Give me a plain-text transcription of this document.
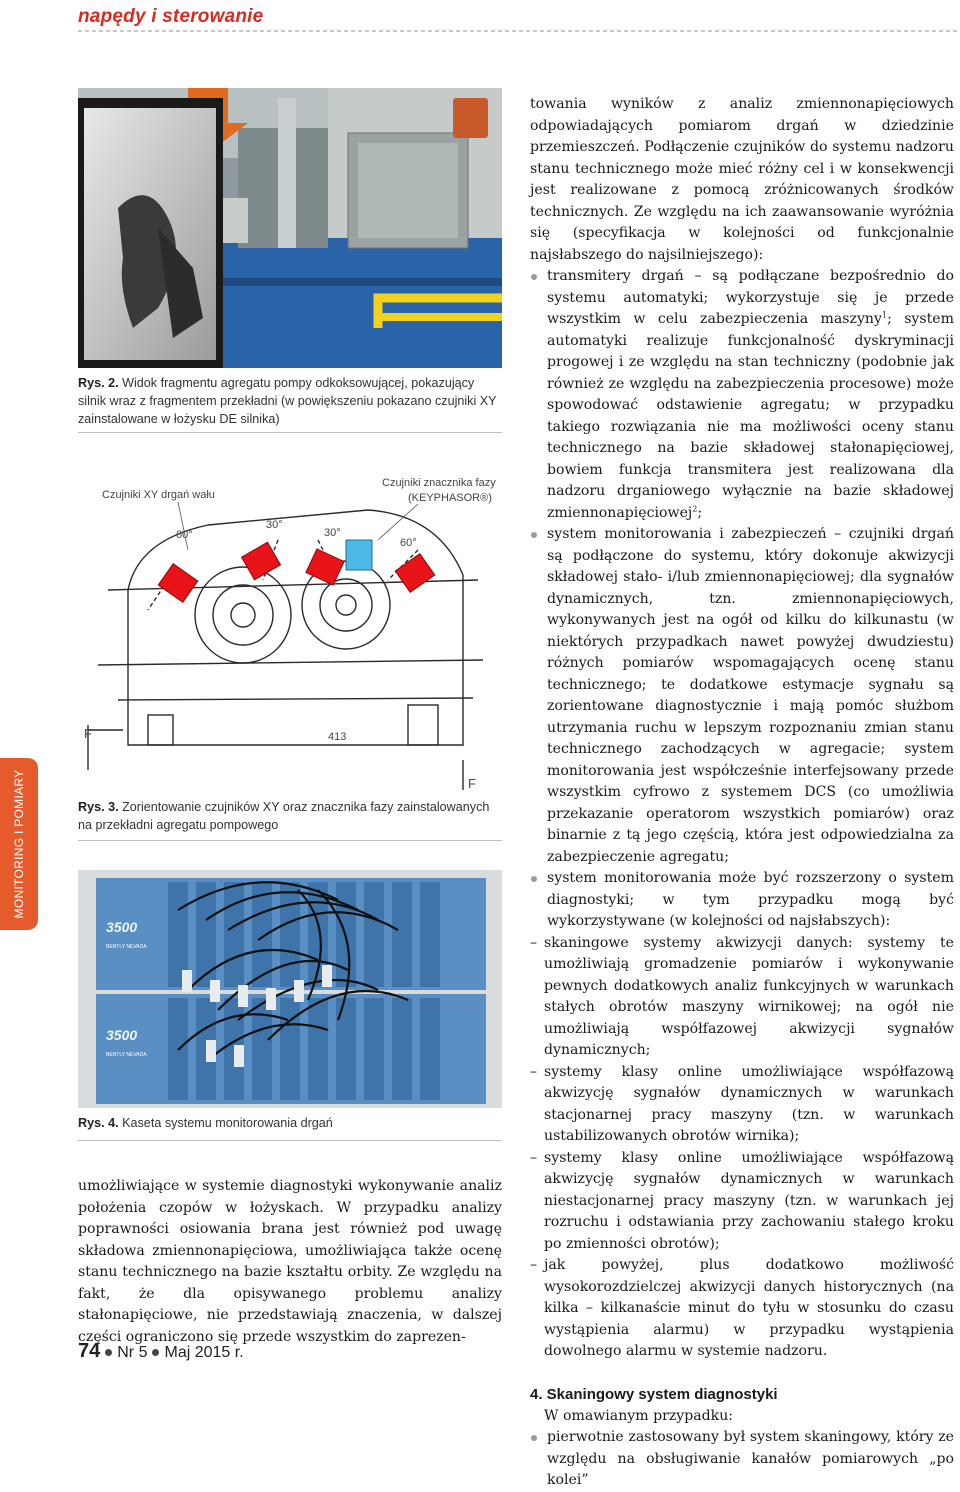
napędy i sterowanie
MONITORING I POMIARY
Rys. 2. Widok fragmentu agregatu pompy odkoksowującej, pokazujący silnik wraz z fragmentem przekładni (w powiększeniu pokazano czujniki XY zainstalowane w łożysku DE silnika)
Czujniki XY drgań wału
Czujniki znacznika fazy
(KEYPHASOR®)
60°
30°
30°
60°
413
F
F
Rys. 3. Zorientowanie czujników XY oraz znacznika fazy zainstalowanych na przekładni agregatu pompowego
3500
3500
BENTLY NEVADA
BENTLY NEVADA
Rys. 4. Kaseta systemu monitorowania drgań

umożliwiające w systemie diagnostyki wykonywanie analiz położenia czopów w łożyskach. W przypadku analizy poprawności osiowania brana jest również pod uwagę składowa zmiennonapięciowa, umożliwiająca także ocenę stanu technicznego na bazie kształtu orbity. Ze względu na fakt, że dla opisywanego problemu analizy stałonapięciowe, nie przedstawiają znaczenia, w dalszej części ograniczono się przede wszystkim do zaprezen-

towania wyników z analiz zmiennonapięciowych odpowiadających pomiarom drgań w dziedzinie przemieszczeń. Podłączenie czujników do systemu nadzoru stanu technicznego może mieć różny cel i w konsekwencji jest realizowane z pomocą zróżnicowanych środków technicznych. Ze względu na ich zaawansowanie wyróżnia się (specyfikacja w kolejności od funkcjonalnie najsłabszego do najsilniejszego):

transmitery drgań – są podłączane bezpośrednio do systemu automatyki; wykorzystuje się je przede wszystkim w celu zabezpieczenia maszyny$^1$; system automatyki realizuje funkcjonalność dyskryminacji progowej i ze względu na stan techniczny (podobnie jak również ze względu na zabezpieczenia procesowe) może spowodować odstawienie agregatu; w przypadku takiego rozwiązania nie ma możliwości oceny stanu technicznego na bazie składowej stałonapięciowej, bowiem funkcja transmitera jest realizowana dla nadzoru drganiowego wyłącznie na bazie składowej zmiennonapięciowej$^2$;
system monitorowania i zabezpieczeń – czujniki drgań są podłączone do systemu, który dokonuje akwizycji składowej stało- i/lub zmiennonapięciowej; dla sygnałów dynamicznych, tzn. zmiennonapięciowych, wykonywanych jest na ogół od kilku do kilkunastu (w niektórych przypadkach nawet powyżej dwudziestu) różnych pomiarów wspomagających ocenę stanu technicznego; te dodatkowe estymacje sygnału są zorientowane diagnostycznie i mają pomóc służbom utrzymania ruchu w lepszym rozpoznaniu zmian stanu technicznego zachodzących w agregacie; system monitorowania jest współcześnie interfejsowany przede wszystkim cyfrowo z systemem DCS (co umożliwia przekazanie operatorom wszystkich pomiarów) oraz binarnie z tą jego częścią, która jest odpowiedzialna za zabezpieczenie agregatu;
system monitorowania może być rozszerzony o system diagnostyki; w tym przypadku mogą być wykorzystywane (w kolejności od najsłabszych):
– skaningowe systemy akwizycji danych: systemy te umożliwiają gromadzenie pomiarów i wykonywanie pewnych dodatkowych analiz funkcyjnych w warunkach stałych obrotów maszyny wirnikowej; na ogół nie umożliwiają współfazowej akwizycji sygnałów dynamicznych;
– systemy klasy online umożliwiające współfazową akwizycję sygnałów dynamicznych w warunkach stacjonarnej pracy maszyny (tzn. w warunkach ustabilizowanych obrotów wirnika);
– systemy klasy online umożliwiające współfazową akwizycję sygnałów dynamicznych w warunkach niestacjonarnej pracy maszyny (tzn. w warunkach jej rozruchu i odstawiania przy zachowaniu stałego kroku po zmienności obrotów);
– jak powyżej, plus dodatkowo możliwość wysokorozdzielczej akwizycji danych historycznych (na kilka – kilkanaście minut do tyłu w stosunku do czasu wystąpienia alarmu) w przypadku wystąpienia dowolnego alarmu w systemie nadzoru.
4. Skaningowy system diagnostyki

W omawianym przypadku:

pierwotnie zastosowany był system skaningowy, który ze względu na obsługiwanie kanałów pomiarowych „po kolei”
74 Nr 5 Maj 2015 r.
